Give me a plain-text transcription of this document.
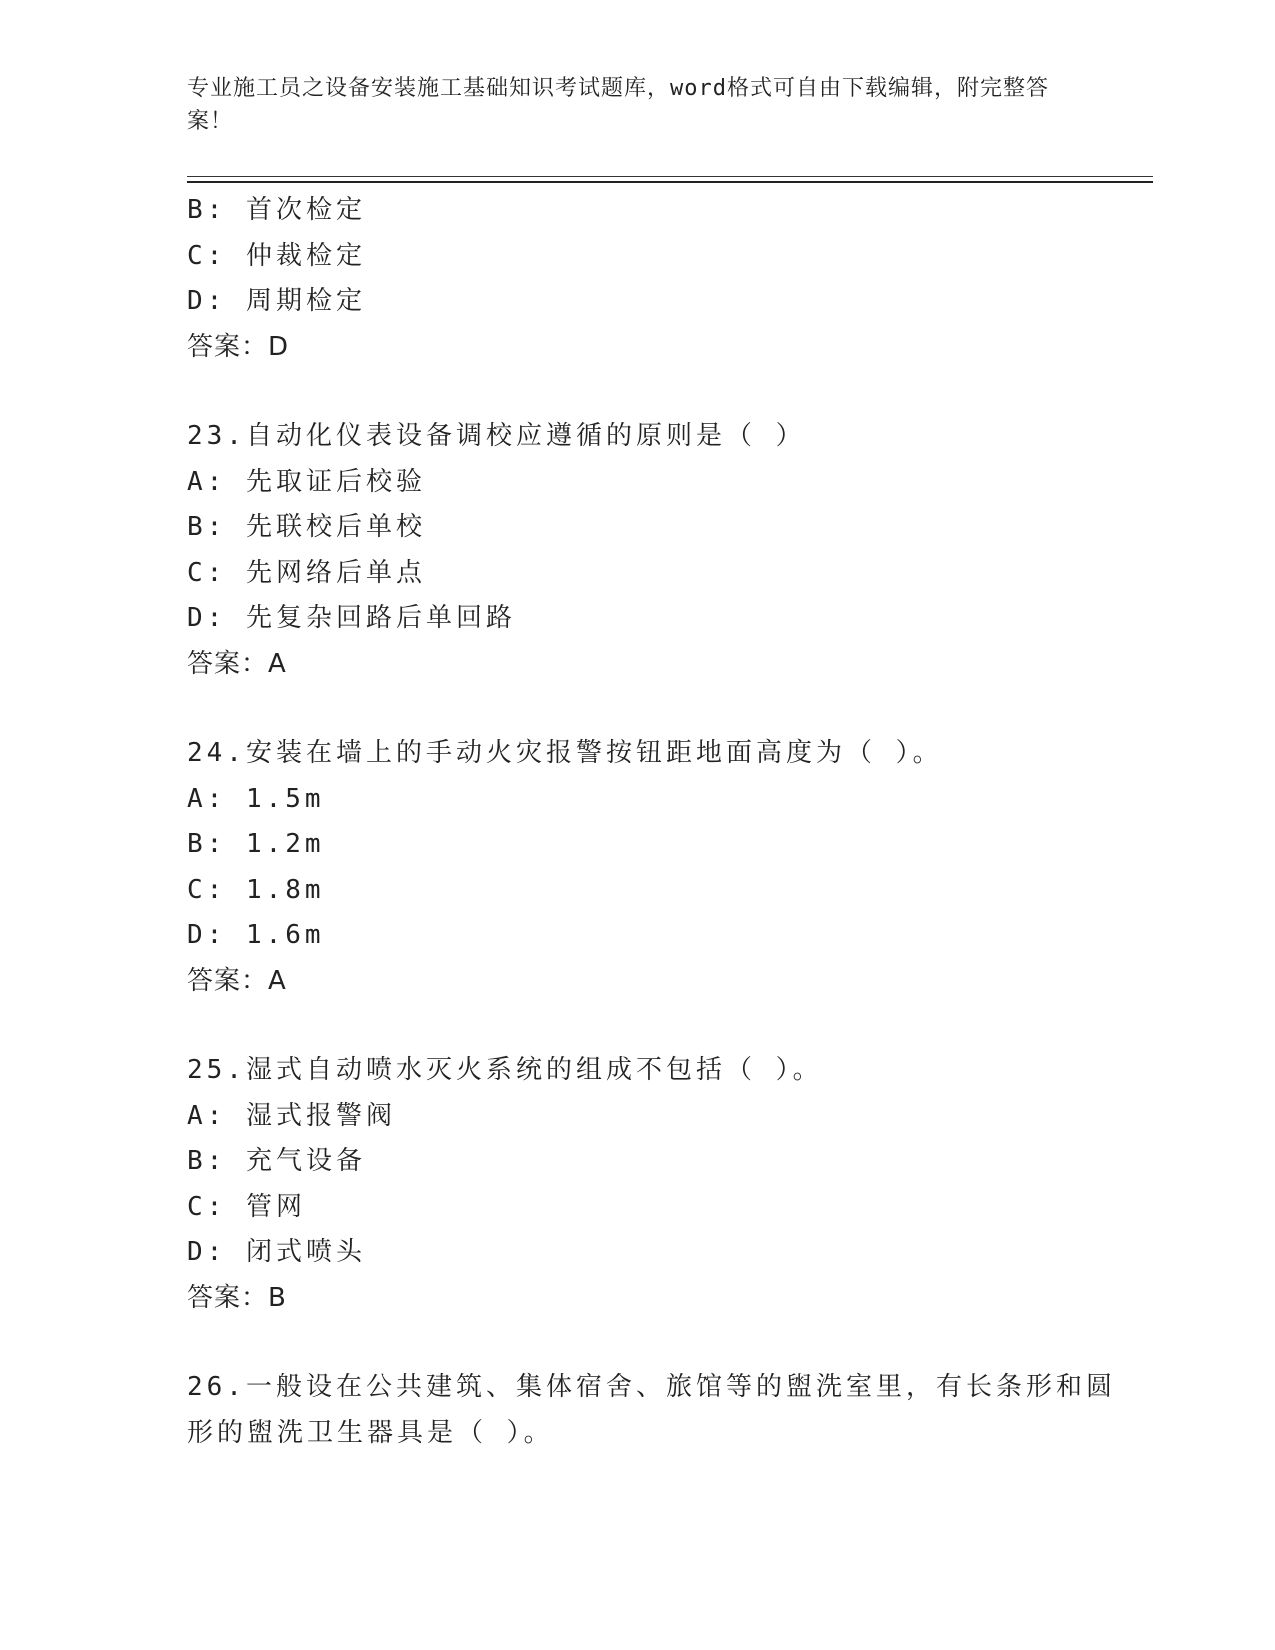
专业施工员之设备安装施工基础知识考试题库，word格式可自由下载编辑，附完整答案！
B: 首次检定
C: 仲裁检定
D: 周期检定
答案：D
23.自动化仪表设备调校应遵循的原则是（ ）
A: 先取证后校验
B: 先联校后单校
C: 先网络后单点
D: 先复杂回路后单回路
答案：A
24.安装在墙上的手动火灾报警按钮距地面高度为（ ）。
A: 1.5m
B: 1.2m
C: 1.8m
D: 1.6m
答案：A
25.湿式自动喷水灭火系统的组成不包括（ ）。
A: 湿式报警阀
B: 充气设备
C: 管网
D: 闭式喷头
答案：B
26.一般设在公共建筑、集体宿舍、旅馆等的盥洗室里，有长条形和圆
形的盥洗卫生器具是（ ）。
